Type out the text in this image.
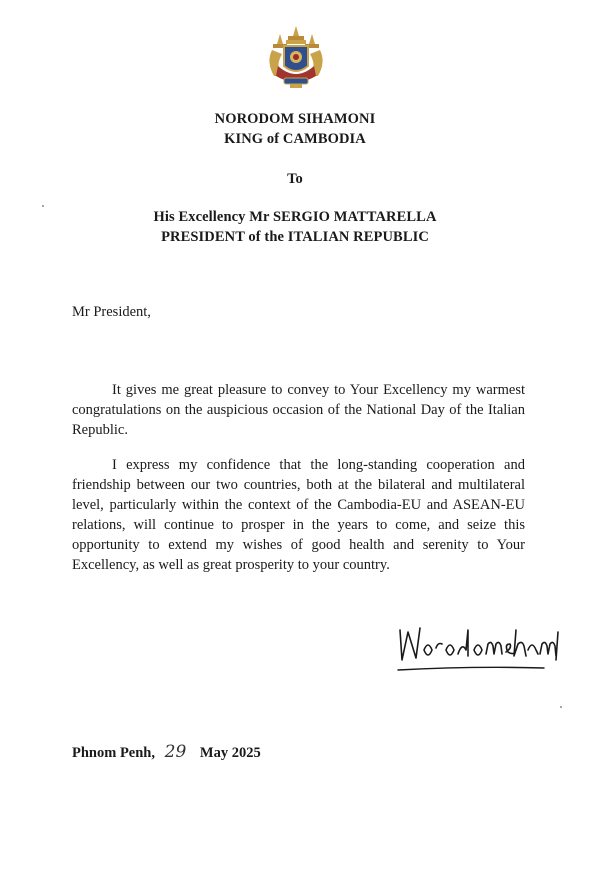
NORODOM SIHAMONI
KING of CAMBODIA
To
His Excellency Mr SERGIO MATTARELLA
PRESIDENT of the ITALIAN REPUBLIC
Mr President,
It gives me great pleasure to convey to Your Excellency my warmest congratulations on the auspicious occasion of the National Day of the Italian Republic.
I express my confidence that the long-standing cooperation and friendship between our two countries, both at the bilateral and multilateral level, particularly within the context of the Cambodia-EU and ASEAN-EU relations, will continue to prosper in the years to come, and seize this opportunity to extend my wishes of good health and serenity to Your Excellency, as well as great prosperity to your country.
Phnom Penh, 29 May 2025
